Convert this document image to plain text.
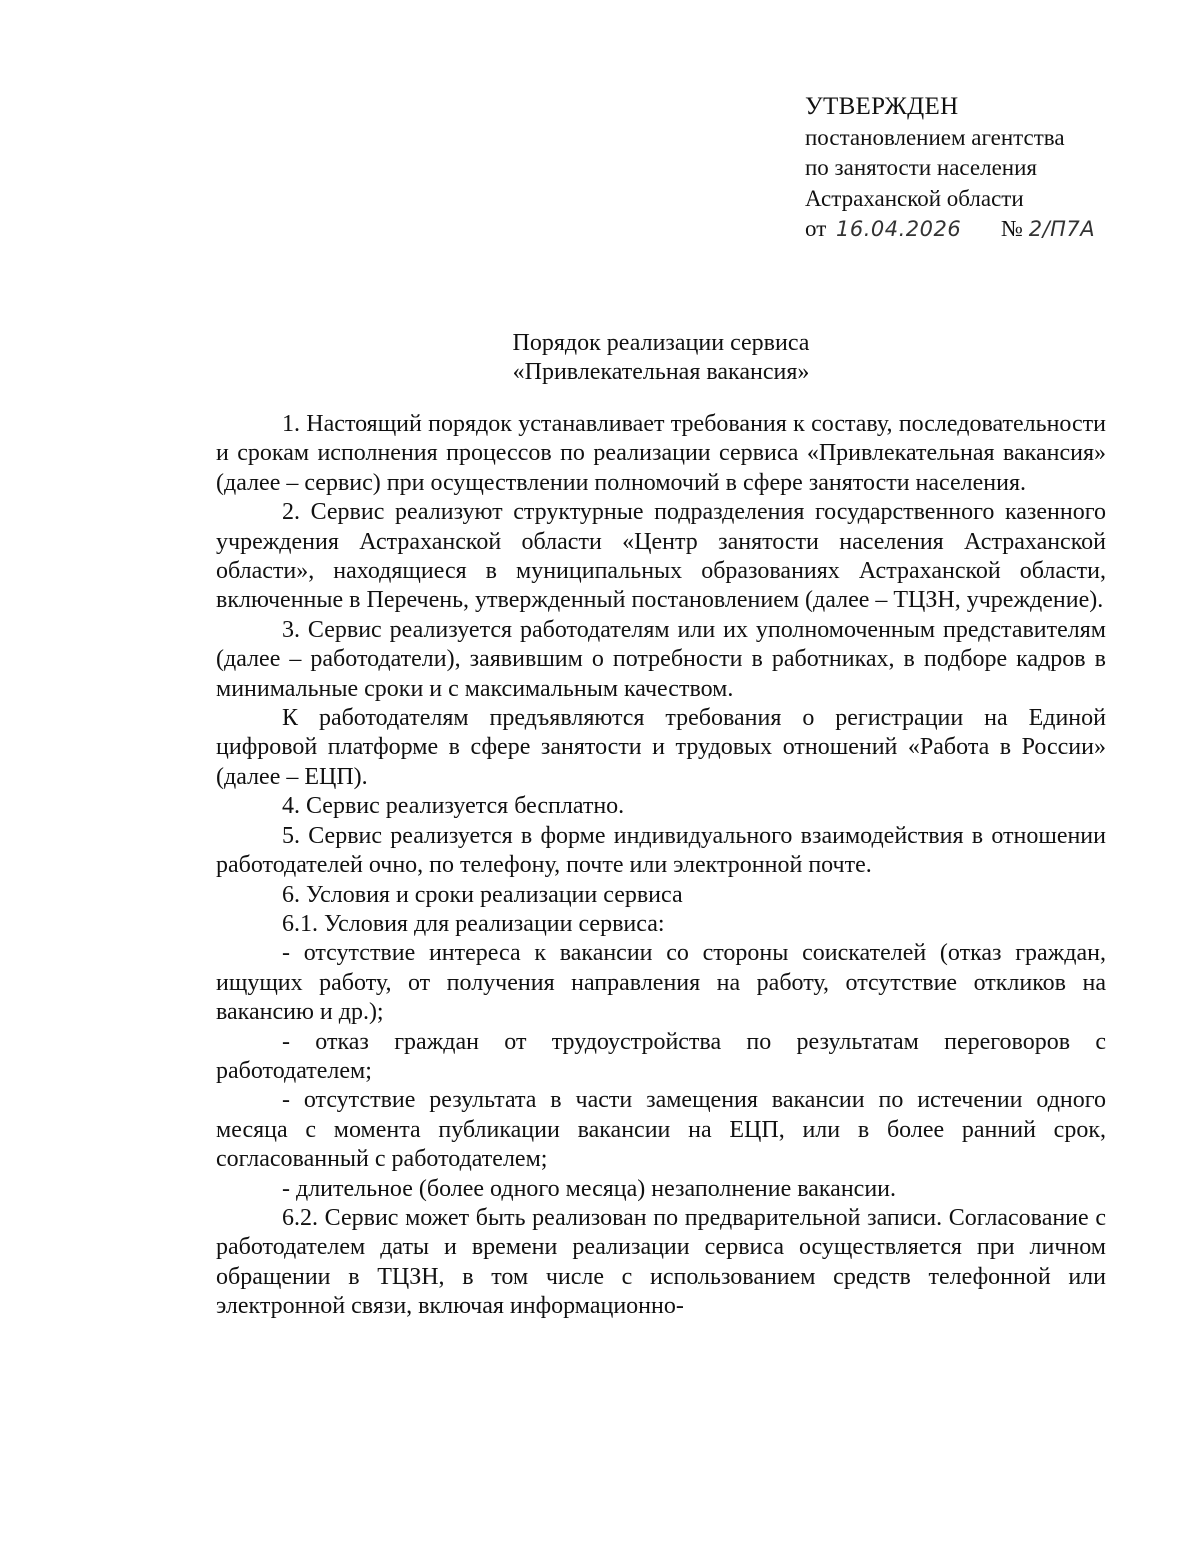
УТВЕРЖДЕН
постановлением агентства
по занятости населения
Астраханской области
от 16.04.2026 № 2/П7А
Порядок реализации сервиса
«Привлекательная вакансия»

1. Настоящий порядок устанавливает требования к составу, последовательности и срокам исполнения процессов по реализации сервиса «Привлекательная вакансия» (далее – сервис) при осуществлении полномочий в сфере занятости населения.

2. Сервис реализуют структурные подразделения государственного казенного учреждения Астраханской области «Центр занятости населения Астраханской области», находящиеся в муниципальных образованиях Астраханской области, включенные в Перечень, утвержденный постановлением (далее – ТЦЗН, учреждение).

3. Сервис реализуется работодателям или их уполномоченным представителям (далее – работодатели), заявившим о потребности в работниках, в подборе кадров в минимальные сроки и с максимальным качеством.

К работодателям предъявляются требования о регистрации на Единой цифровой платформе в сфере занятости и трудовых отношений «Работа в России» (далее – ЕЦП).

4. Сервис реализуется бесплатно.

5. Сервис реализуется в форме индивидуального взаимодействия в отношении работодателей очно, по телефону, почте или электронной почте.

6. Условия и сроки реализации сервиса

6.1. Условия для реализации сервиса:

- отсутствие интереса к вакансии со стороны соискателей (отказ граждан, ищущих работу, от получения направления на работу, отсутствие откликов на вакансию и др.);

- отказ граждан от трудоустройства по результатам переговоров с работодателем;

- отсутствие результата в части замещения вакансии по истечении одного месяца с момента публикации вакансии на ЕЦП, или в более ранний срок, согласованный с работодателем;

- длительное (более одного месяца) незаполнение вакансии.

6.2. Сервис может быть реализован по предварительной записи. Согласование с работодателем даты и времени реализации сервиса осуществляется при личном обращении в ТЦЗН, в том числе с использованием средств телефонной или электронной связи, включая информационно-
